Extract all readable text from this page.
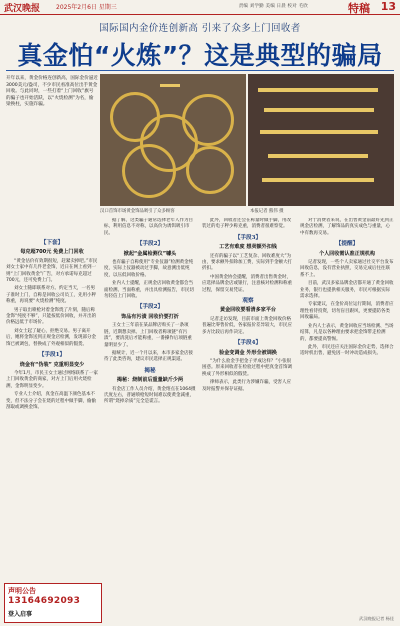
武汉晚报	2025年2月6日 星期三	责编 刘学勤 美编 日晨 校对 毛欣	特稿 13
国际国内金价连创新高 引来了众多上门回收者
真金怕“火炼”？这是典型的骗局
开年以来，黄金价格连创新高，国际金价逼近3000美元/盎司，不少市民看准高位出手黄金回收。与此同时，一些打着“上门回收”旗号的骗子也开始活跃，以“火烧检测”为名，偷梁换柱，实施诈骗。
汉口首饰市场黄金饰品吸引了众多顾客	本报记者 熊伟 摄
【下套】
每克超700元 免费上门回收

“黄金估价有效期很短，赶紧卖掉吧。”市民刘女士家中有几件老金饰，近日在网上看到一则“上门回收黄金”广告，对方承诺每克超过700元，还可免费上门。

刘女士随即联系对方。约定当天，一名男子准时上门，自称是回收公司员工，先用小秤称重，再说要“火烧检测”纯度。

男子取出喷枪对着金饰烧了片刻，随后称金饰“纯度不够”，只能按低价回收，并开出的价格远低于市场价。

刘女士起了疑心，拒绝交易。男子离开后，她将金饰送到正规金店检测，发现部分金饰已被调包，替换成了外观相似的假货。

【手段1】
烧金有“伪装” 克重明显变少

今年1月，市民王女士通过网络联系了一家上门回收黄金的商家，对方上门后用火烧检测，金饰明显变少。

专业人士介绍，真金在高温下颜色基本不变，但不法分子会在烧的过程中做手脚，偷偷刮取或调换金饰。

据了解，这类骗子通常选择老年人作为目标，利用信息不对称，以高价为诱饵吸引市民。

【手段2】
掀起“金属检测仪”噱头

也有骗子自称使用“专业仪器”检测黄金纯度，实际上仪器被动过手脚，故意测出低纯度，以压低回收价格。

业内人士提醒，正规金店回收黄金都会当面检测、当面称重，并出具检测报告，市民切勿轻信上门回收。

【手段2】
饰品有污渍 回收价要打折

王女士三年前在某品牌店购买了一条项链，近期想卖掉。上门回收者称项链“有污渍”，要清洗后才能称重，一番操作后项链重量明显少了。

据统计，近一个月以来，本市多家金店接待了此类咨询，建议市民选择正规渠道。

揭秘
揭秘：烧制前后重量缺斤少两

有金店工作人员介绍，黄金熔点在1064摄氏度左右，普通喷枪短时间难以使黄金减重，所谓“烧掉杂质”完全是谎言。

此外，回收者还会在称量时做手脚，用改装过的电子秤少称克重，消费者很难察觉。

【手段3】
工艺有难度 想卖额外扣钱

还有的骗子以“工艺复杂、回收难度大”为由，要求额外扣除加工费，实际到手金额大打折扣。

中国黄金协会提醒，消费者出售黄金时，应选择品牌金店或银行，注意核对检测和称重过程，保留交易凭证。

观察
黄金回收要看清多家平台

记者走访发现，目前市面上黄金回收价格普遍比零售价低，各家报价差异较大，市民应多方比较后再作决定。

【手段4】
验金变调金 外形全被调换

“为什么验金手把金子弄成这样？”小张很困惑。原来回收者在检验过程中把真金首饰调换成了外形相似的假货。

律师表示，此类行为涉嫌诈骗，受害人应及时报警并保存证据。

对于消费者来说，在出售黄金前最好先到正规金店检测，了解饰品的真实成色与重量，心中有数再交易。

【提醒】
个人回收需认准正规机构

记者发现，一些个人卖家通过社交平台发布回收信息，没有营业执照，交易完成后往往联系不上。

目前，武汉多家品牌金店都开通了黄金回收业务，银行也提供相关服务，市民可根据实际需求选择。

专家建议，在金价高位运行期间，消费者应理性看待投资，切勿盲目跟风，更要提防各类回收骗局。

业内人士表示，黄金回收应当场检测、当场结算，凡是以各种理由要求把金饰带走检测的，都要提高警惕。

此外，市民还应关注国际金价走势，选择合适时机出售，避免因一时冲动造成损失。

声明公告
13164692093
登入启事
武汉晚报记者 杨佳
